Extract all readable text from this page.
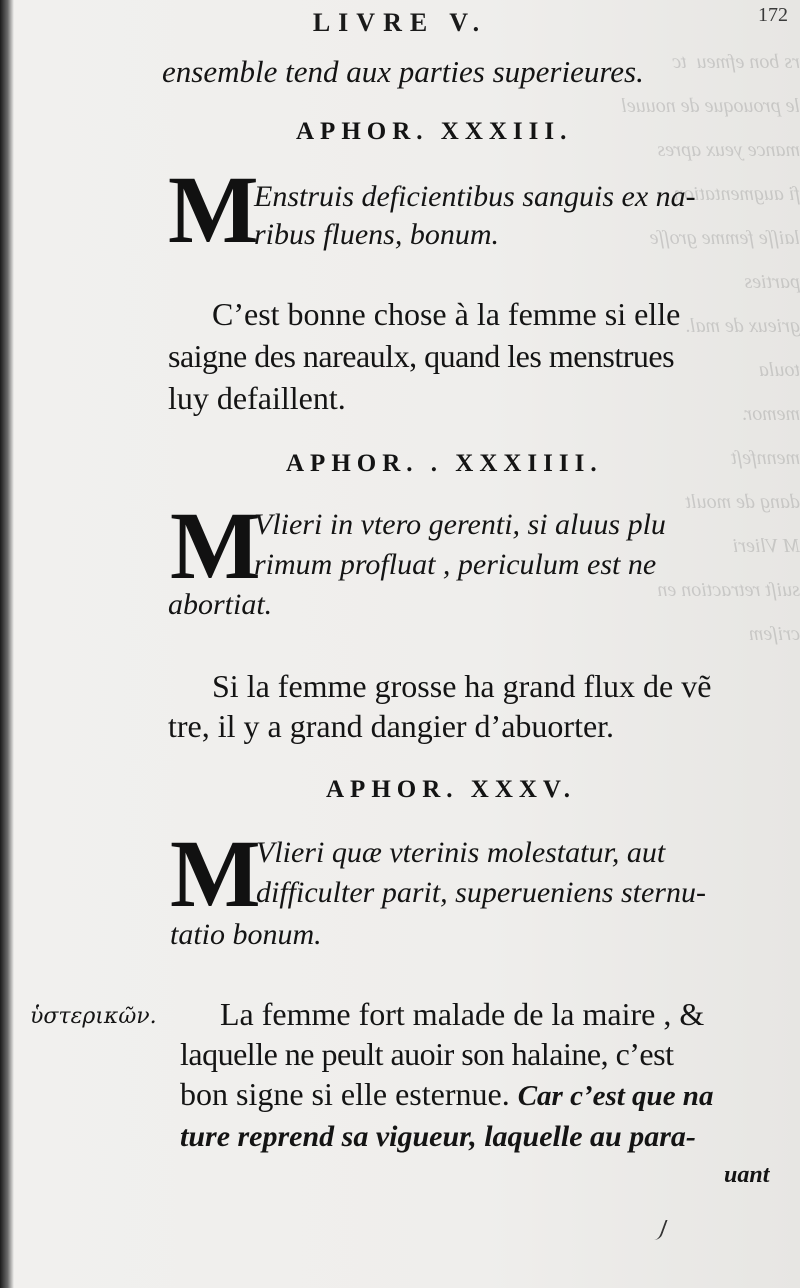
rs bon efmeu  tc
le prouoque de nouuel
mance yeux apres
fi augmentation
laiſſe femme groſſe
parties
grieux de mal.
toula
memor.
mennfeſt
dang de moult
M Vlieri
suiſt retraction en
criſem
172
LIVRE V.
ensemble tend aux parties superieures.
APHOR. XXXIII.
M
Enstruis deficientibus sanguis ex na-
ribus fluens, bonum.
C’est bonne chose à la femme si elle
saigne des nareaulx, quand les menstrues
luy defaillent.
APHOR. . XXXIIII.
M
Vlieri in vtero gerenti, si aluus plu
rimum profluat , periculum est ne
abortiat.
Si la femme grosse ha grand flux de vẽ
tre, il y a grand dangier d’abuorter.
APHOR. XXXV.
M
Vlieri quæ vterinis molestatur, aut
difficulter parit, superueniens sternu-
tatio bonum.
ὑστερικῶν. La femme fort malade de la maire , &
laquelle ne peult auoir son halaine, c’est
bon signe si elle esternue. Car c’est que na
ture reprend sa vigueur, laquelle au para-
uant
